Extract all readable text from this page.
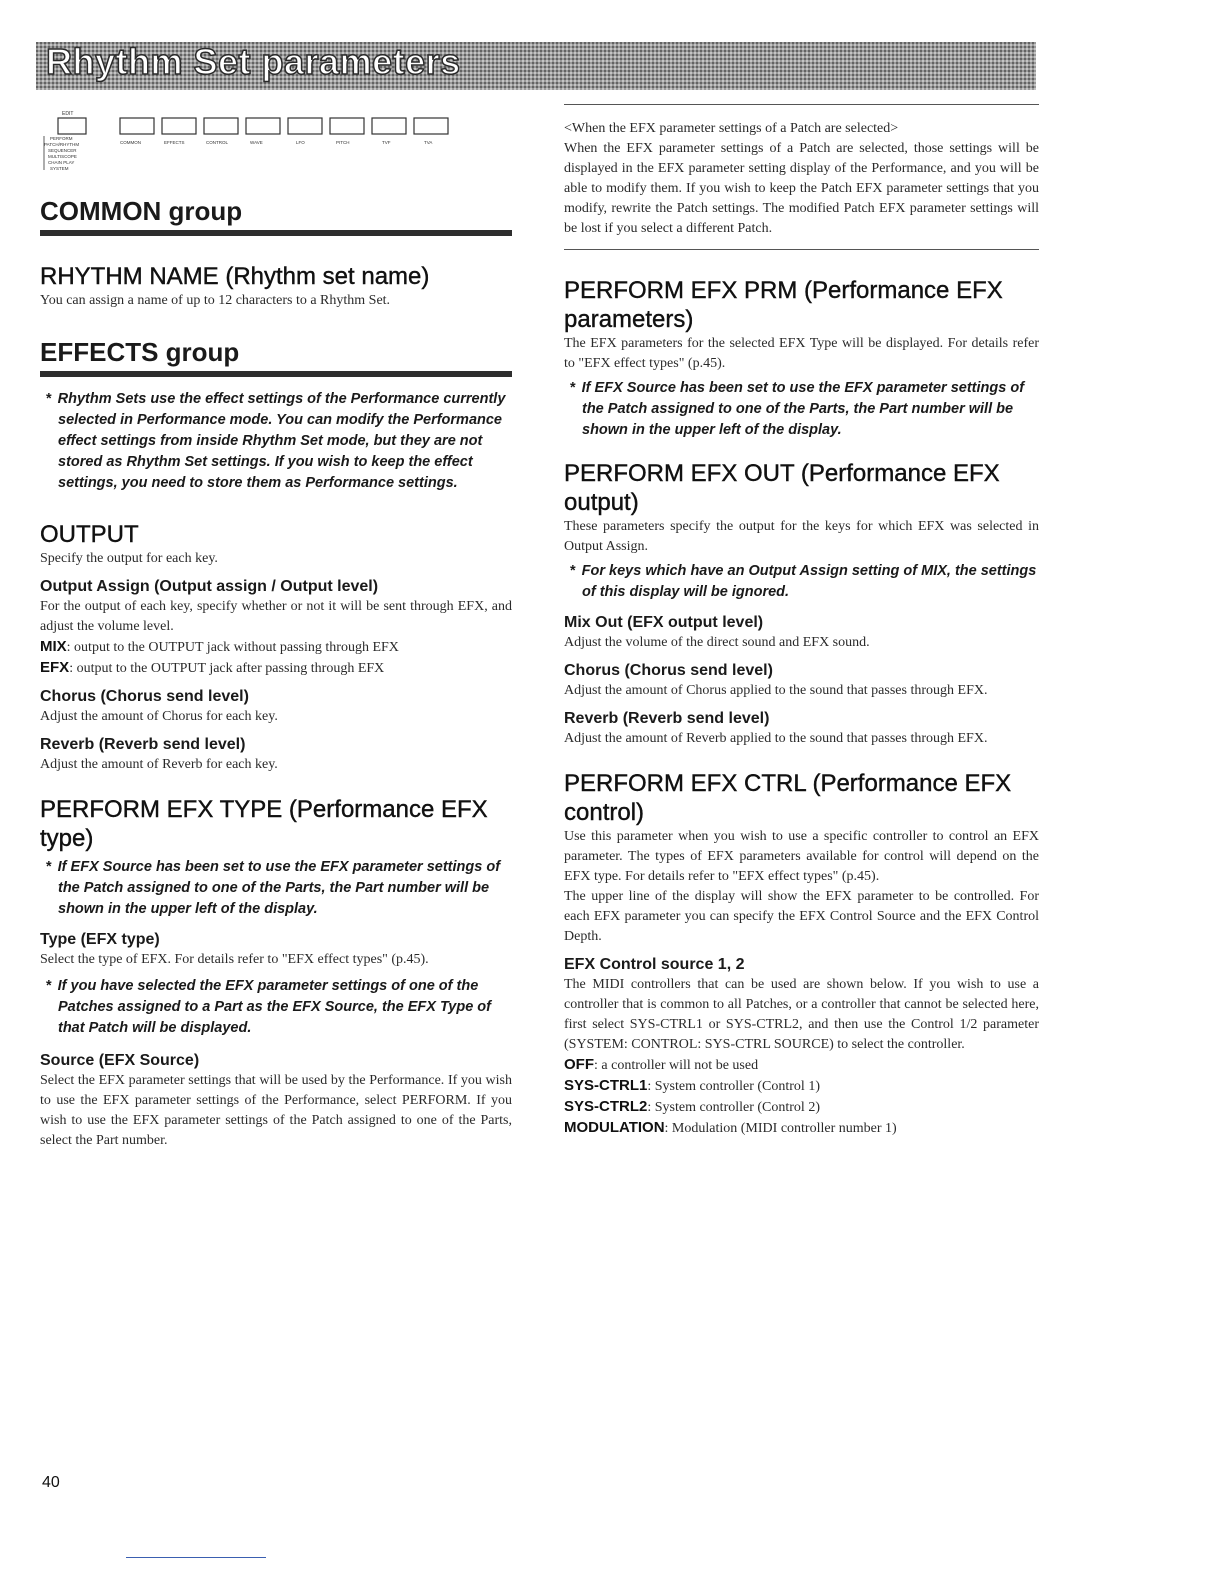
Rhythm Set parameters
EDIT
COMMON	EFFECTS	CONTROL	WAVE	LFO	PITCH	TVF	TVA
PERFORM
PATCH/RHYTHM
SEQUENCER
MULTISCOPE
CHAIN PLAY
SYSTEM
COMMON group
RHYTHM NAME (Rhythm set name)

You can assign a name of up to 12 characters to a Rhythm Set.

EFFECTS group

* Rhythm Sets use the effect settings of the Performance currently selected in Performance mode. You can modify the Performance effect settings from inside Rhythm Set mode, but they are not stored as Rhythm Set settings. If you wish to keep the effect settings, you need to store them as Performance settings.

OUTPUT

Specify the output for each key.

Output Assign (Output assign / Output level)

For the output of each key, specify whether or not it will be sent through EFX, and adjust the volume level.

MIX: output to the OUTPUT jack without passing through EFX

EFX: output to the OUTPUT jack after passing through EFX

Chorus (Chorus send level)

Adjust the amount of Chorus for each key.

Reverb (Reverb send level)

Adjust the amount of Reverb for each key.

PERFORM EFX TYPE (Performance EFX type)

* If EFX Source has been set to use the EFX parameter settings of the Patch assigned to one of the Parts, the Part number will be shown in the upper left of the display.

Type (EFX type)

Select the type of EFX. For details refer to "EFX effect types" (p.45).

* If you have selected the EFX parameter settings of one of the Patches assigned to a Part as the EFX Source, the EFX Type of that Patch will be displayed.

Source (EFX Source)

Select the EFX parameter settings that will be used by the Performance. If you wish to use the EFX parameter settings of the Performance, select PERFORM. If you wish to use the EFX parameter settings of the Patch assigned to one of the Parts, select the Part number.

<When the EFX parameter settings of a Patch are selected>

When the EFX parameter settings of a Patch are selected, those settings will be displayed in the EFX parameter setting display of the Performance, and you will be able to modify them. If you wish to keep the Patch EFX parameter settings that you modify, rewrite the Patch settings. The modified Patch EFX parameter settings will be lost if you select a different Patch.

PERFORM EFX PRM (Performance EFX parameters)

The EFX parameters for the selected EFX Type will be displayed. For details refer to "EFX effect types" (p.45).

* If EFX Source has been set to use the EFX parameter settings of the Patch assigned to one of the Parts, the Part number will be shown in the upper left of the display.

PERFORM EFX OUT (Performance EFX output)

These parameters specify the output for the keys for which EFX was selected in Output Assign.

* For keys which have an Output Assign setting of MIX, the settings of this display will be ignored.

Mix Out (EFX output level)

Adjust the volume of the direct sound and EFX sound.

Chorus (Chorus send level)

Adjust the amount of Chorus applied to the sound that passes through EFX.

Reverb (Reverb send level)

Adjust the amount of Reverb applied to the sound that passes through EFX.

PERFORM EFX CTRL (Performance EFX control)

Use this parameter when you wish to use a specific controller to control an EFX parameter. The types of EFX parameters available for control will depend on the EFX type. For details refer to "EFX effect types" (p.45).

The upper line of the display will show the EFX parameter to be controlled. For each EFX parameter you can specify the EFX Control Source and the EFX Control Depth.

EFX Control source 1, 2

The MIDI controllers that can be used are shown below. If you wish to use a controller that is common to all Patches, or a controller that cannot be selected here, first select SYS-CTRL1 or SYS-CTRL2, and then use the Control 1/2 parameter (SYSTEM: CONTROL: SYS-CTRL SOURCE) to select the controller.

OFF: a controller will not be used

SYS-CTRL1: System controller (Control 1)

SYS-CTRL2: System controller (Control 2)

MODULATION: Modulation (MIDI controller number 1)

40
